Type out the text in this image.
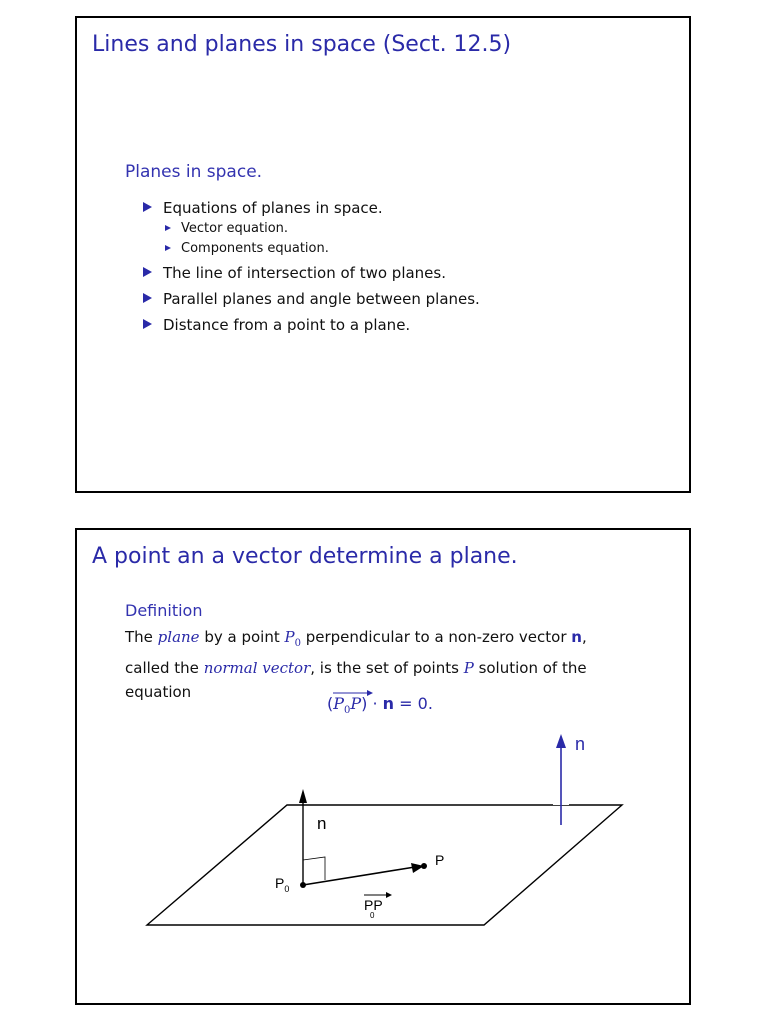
Lines and planes in space (Sect. 12.5)
Planes in space.
Equations of planes in space.
Vector equation.
Components equation.
The line of intersection of two planes.
Parallel planes and angle between planes.
Distance from a point to a plane.
A point an a vector determine a plane.
Definition
The plane by a point $P_0$ perpendicular to a non-zero vector n,
called the normal vector, is the set of points P solution of the
equation
(
$P_0P) \cdot n = 0$.
n
n
$P_0$
P
PP
0
